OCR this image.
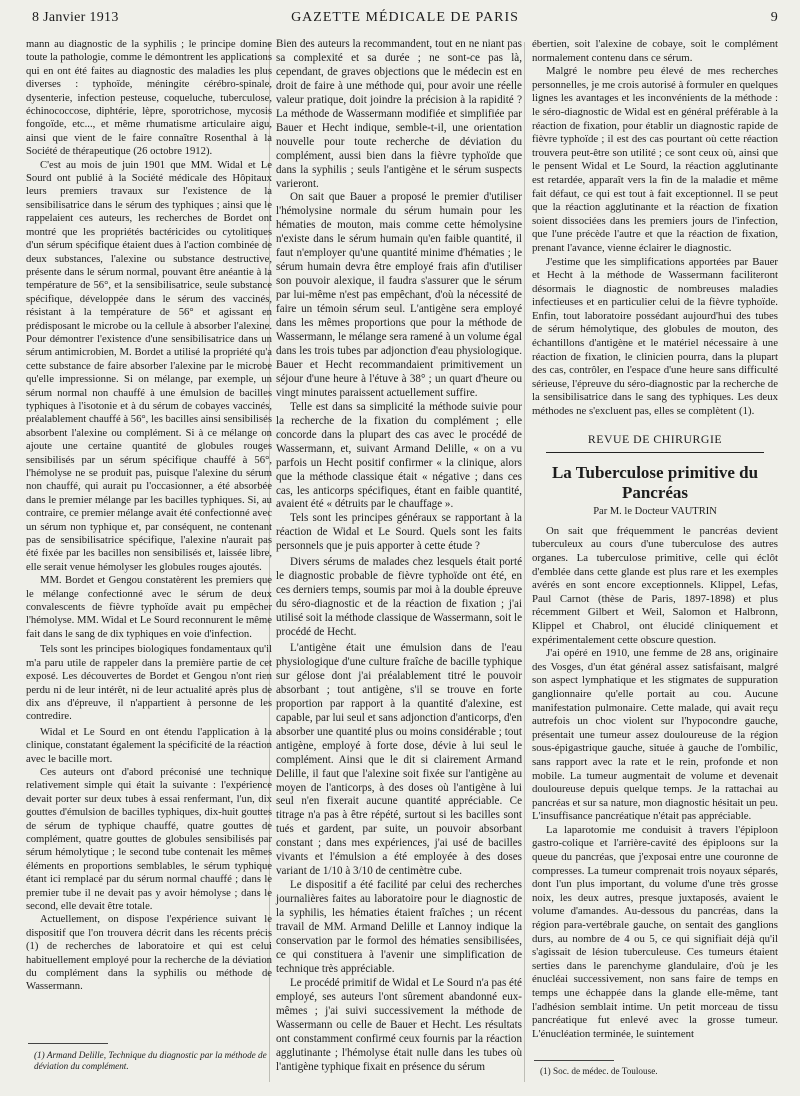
8 Janvier 1913	GAZETTE MÉDICALE DE PARIS	9

mann au diagnostic de la syphilis ; le principe domine toute la pathologie, comme le démontrent les applications qui en ont été faites au diagnostic des maladies les plus diverses : typhoïde, méningite cérébro-spinale, dysenterie, infection pesteuse, coqueluche, tuberculose, échinococcose, diphtérie, lèpre, sporotrichose, mycosis fongoïde, etc..., et même rhumatisme articulaire aigu, ainsi que vient de le faire connaître Rosenthal à la Société de thérapeutique (26 octobre 1912).

C'est au mois de juin 1901 que MM. Widal et Le Sourd ont publié à la Société médicale des Hôpitaux leurs premiers travaux sur l'existence de la sensibilisatrice dans le sérum des typhiques ; ainsi que le rappelaient ces auteurs, les recherches de Bordet ont montré que les propriétés bactéricides ou cytolitiques d'un sérum spécifique étaient dues à l'action combinée de deux substances, l'alexine ou substance destructive, présente dans le sérum normal, pouvant être anéantie à la température de 56°, et la sensibilisatrice, seule substance spécifique, développée dans le sérum des vaccinés, résistant à la température de 56° et agissant en prédisposant le microbe ou la cellule à absorber l'alexine. Pour démontrer l'existence d'une sensibilisatrice dans un sérum antimicrobien, M. Bordet a utilisé la propriété qu'a cette substance de faire absorber l'alexine par le microbe qu'elle impressionne. Si on mélange, par exemple, un sérum normal non chauffé à une émulsion de bacilles typhiques à l'isotonie et à du sérum de cobayes vaccinés, préalablement chauffé à 56°, les bacilles ainsi sensibilisés absorbent l'alexine ou complément. Si à ce mélange on ajoute une certaine quantité de globules rouges sensibilisés par un sérum spécifique chauffé à 56°, l'hémolyse ne se produit pas, puisque l'alexine du sérum non chauffé, qui aurait pu l'occasionner, a été absorbée dans le premier mélange par les bacilles typhiques. Si, au contraire, ce premier mélange avait été confectionné avec un sérum non typhique et, par conséquent, ne contenant pas de sensibilisatrice spécifique, l'alexine n'aurait pas été fixée par les bacilles non sensibilisés et, laissée libre, elle serait venue hémolyser les globules rouges ajoutés.

MM. Bordet et Gengou constatèrent les premiers que le mélange confectionné avec le sérum de deux convalescents de fièvre typhoïde avait pu empêcher l'hémolyse. MM. Widal et Le Sourd reconnurent le même fait dans le sang de dix typhiques en voie d'infection.

Tels sont les principes biologiques fondamentaux qu'il m'a paru utile de rappeler dans la première partie de cet exposé. Les découvertes de Bordet et Gengou n'ont rien perdu ni de leur intérêt, ni de leur actualité après plus de dix ans d'épreuve, il n'appartient à personne de les contredire.

Widal et Le Sourd en ont étendu l'application à la clinique, constatant également la spécificité de la réaction avec le bacille mort.

Ces auteurs ont d'abord préconisé une technique relativement simple qui était la suivante : l'expérience devait porter sur deux tubes à essai renfermant, l'un, dix gouttes d'émulsion de bacilles typhiques, dix-huit gouttes de sérum de typhique chauffé, quatre gouttes de complément, quatre gouttes de globules sensibilisés par sérum hémolytique ; le second tube contenait les mêmes éléments en proportions semblables, le sérum typhique étant ici remplacé par du sérum normal chauffé ; dans le premier tube il ne devait pas y avoir hémolyse ; dans le second, elle devait être totale.

Actuellement, on dispose l'expérience suivant le dispositif que l'on trouvera décrit dans les récents précis (1) de recherches de laboratoire et qui est celui habituellement employé pour la recherche de la déviation du complément dans la syphilis ou méthode de Wassermann.

(1) Armand Delille, Technique du diagnostic par la méthode de déviation du complément.

Bien des auteurs la recommandent, tout en ne niant pas sa complexité et sa durée ; ne sont-ce pas là, cependant, de graves objections que le médecin est en droit de faire à une méthode qui, pour avoir une réelle valeur pratique, doit joindre la précision à la rapidité ? La méthode de Wassermann modifiée et simplifiée par Bauer et Hecht indique, semble-t-il, une orientation nouvelle pour toute recherche de déviation du complément, aussi bien dans la fièvre typhoïde que dans la syphilis ; seuls l'antigène et le sérum suspects varieront.

On sait que Bauer a proposé le premier d'utiliser l'hémolysine normale du sérum humain pour les hématies de mouton, mais comme cette hémolysine n'existe dans le sérum humain qu'en faible quantité, il faut n'employer qu'une quantité minime d'hématies ; le sérum humain devra être employé frais afin d'utiliser son pouvoir alexique, il faudra s'assurer que le sérum par lui-même n'est pas empêchant, d'où la nécessité de faire un témoin sérum seul. L'antigène sera employé dans les mêmes proportions que pour la méthode de Wassermann, le mélange sera ramené à un volume égal dans les trois tubes par adjonction d'eau physiologique. Bauer et Hecht recommandaient primitivement un séjour d'une heure à l'étuve à 38° ; un quart d'heure ou vingt minutes paraissent actuellement suffire.

Telle est dans sa simplicité la méthode suivie pour la recherche de la fixation du complément ; elle concorde dans la plupart des cas avec le procédé de Wassermann, et, suivant Armand Delille, « on a vu parfois un Hecht positif confirmer « la clinique, alors que la méthode classique était « négative ; dans ces cas, les anticorps spécifiques, étant en faible quantité, avaient été « détruits par le chauffage ».

Tels sont les principes généraux se rapportant à la réaction de Widal et Le Sourd. Quels sont les faits personnels que je puis apporter à cette étude ?

Divers sérums de malades chez lesquels était porté le diagnostic probable de fièvre typhoïde ont été, en ces derniers temps, soumis par moi à la double épreuve du séro-diagnostic et de la réaction de fixation ; j'ai utilisé soit la méthode classique de Wassermann, soit le procédé de Hecht.

L'antigène était une émulsion dans de l'eau physiologique d'une culture fraîche de bacille typhique sur gélose dont j'ai préalablement titré le pouvoir absorbant ; tout antigène, s'il se trouve en forte proportion par rapport à la quantité d'alexine, est capable, par lui seul et sans adjonction d'anticorps, d'en absorber une quantité plus ou moins considérable ; tout antigène, employé à forte dose, dévie à lui seul le complément. Ainsi que le dit si clairement Armand Delille, il faut que l'alexine soit fixée sur l'antigène au moyen de l'anticorps, à des doses où l'antigène à lui seul n'en fixerait aucune quantité appréciable. Ce titrage n'a pas à être répété, surtout si les bacilles sont tués et gardent, par suite, un pouvoir absorbant constant ; dans mes expériences, j'ai usé de bacilles vivants et l'émulsion a été employée à des doses variant de 1/10 à 3/10 de centimètre cube.

Le dispositif a été facilité par celui des recherches journalières faites au laboratoire pour le diagnostic de la syphilis, les hématies étaient fraîches ; un récent travail de MM. Armand Delille et Lannoy indique la conservation par le formol des hématies sensibilisées, ce qui constituera à l'avenir une simplification de technique très appréciable.

Le procédé primitif de Widal et Le Sourd n'a pas été employé, ses auteurs l'ont sûrement abandonné eux-mêmes ; j'ai suivi successivement la méthode de Wassermann ou celle de Bauer et Hecht. Les résultats ont constamment confirmé ceux fournis par la réaction agglutinante ; l'hémolyse était nulle dans les tubes où l'antigène typhique fixait en présence du sérum

ébertien, soit l'alexine de cobaye, soit le complément normalement contenu dans ce sérum.

Malgré le nombre peu élevé de mes recherches personnelles, je me crois autorisé à formuler en quelques lignes les avantages et les inconvénients de la méthode : le séro-diagnostic de Widal est en général préférable à la réaction de fixation, pour établir un diagnostic rapide de fièvre typhoïde ; il est des cas pourtant où cette réaction trouvera peut-être son utilité ; ce sont ceux où, ainsi que le pensent Widal et Le Sourd, la réaction agglutinante est retardée, apparaît vers la fin de la maladie et même fait défaut, ce qui est tout à fait exceptionnel. Il se peut que la réaction agglutinante et la réaction de fixation soient dissociées dans les premiers jours de l'infection, que l'une précède l'autre et que la réaction de fixation, prenant l'avance, vienne éclairer le diagnostic.

J'estime que les simplifications apportées par Bauer et Hecht à la méthode de Wassermann faciliteront désormais le diagnostic de nombreuses maladies infectieuses et en particulier celui de la fièvre typhoïde. Enfin, tout laboratoire possédant aujourd'hui des tubes de sérum hémolytique, des globules de mouton, des échantillons d'antigène et le matériel nécessaire à une réaction de fixation, le clinicien pourra, dans la plupart des cas, contrôler, en l'espace d'une heure sans difficulté sérieuse, l'épreuve du séro-diagnostic par la recherche de la sensibilisatrice dans le sang des typhiques. Les deux méthodes ne s'excluent pas, elles se complètent (1).

REVUE DE CHIRURGIE
La Tuberculose primitive du Pancréas
Par M. le Docteur VAUTRIN

On sait que fréquemment le pancréas devient tuberculeux au cours d'une tuberculose des autres organes. La tuberculose primitive, celle qui éclôt d'emblée dans cette glande est plus rare et les exemples avérés en sont encore exceptionnels. Klippel, Lefas, Paul Carnot (thèse de Paris, 1897-1898) et plus récemment Gilbert et Weil, Salomon et Halbronn, Klippel et Chabrol, ont élucidé cliniquement et expérimentalement cette obscure question.

J'ai opéré en 1910, une femme de 28 ans, originaire des Vosges, d'un état général assez satisfaisant, malgré son aspect lymphatique et les stigmates de suppuration ganglionnaire qu'elle portait au cou. Aucune manifestation pulmonaire. Cette malade, qui avait reçu autrefois un choc violent sur l'hypocondre gauche, présentait une tumeur assez douloureuse de la région sous-épigastrique gauche, située à gauche de l'ombilic, sans rapport avec la rate et le rein, profonde et non mobile. La tumeur augmentait de volume et devenait douloureuse depuis quelque temps. Je la rattachai au pancréas et sur sa nature, mon diagnostic hésitait un peu. L'insuffisance pancréatique n'était pas appréciable.

La laparotomie me conduisit à travers l'épiploon gastro-colique et l'arrière-cavité des épiploons sur la queue du pancréas, que j'exposai entre une couronne de compresses. La tumeur comprenait trois noyaux séparés, dont l'un plus important, du volume d'une très grosse noix, les deux autres, presque juxtaposés, avaient le volume d'amandes. Au-dessous du pancréas, dans la région para-vertébrale gauche, on sentait des ganglions durs, au nombre de 4 ou 5, ce qui signifiait déjà qu'il s'agissait de lésion tuberculeuse. Ces tumeurs étaient serties dans le parenchyme glandulaire, d'où je les énucléai successivement, non sans faire de temps en temps une échappée dans la glande elle-même, tant l'adhésion semblait intime. Un petit morceau de tissu pancréatique fut enlevé avec la grosse tumeur. L'énucléation terminée, le suintement

(1) Soc. de médec. de Toulouse.
